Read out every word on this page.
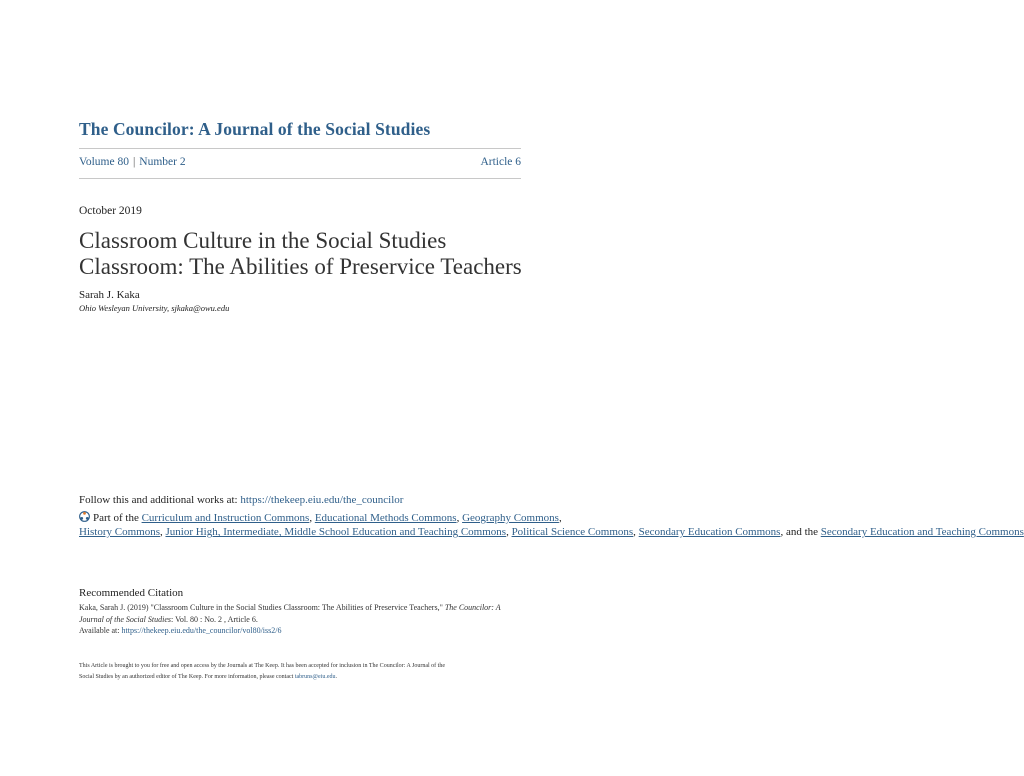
The Councilor: A Journal of the Social Studies
Volume 80 | Number 2	Article 6
October 2019
Classroom Culture in the Social Studies
Classroom: The Abilities of Preservice Teachers
Sarah J. Kaka
Ohio Wesleyan University, sjkaka@owu.edu
Follow this and additional works at: https://thekeep.eiu.edu/the_councilor
Part of the Curriculum and Instruction Commons, Educational Methods Commons, Geography Commons,
History Commons, Junior High, Intermediate, Middle School Education and Teaching Commons, Political Science Commons, Secondary Education Commons, and the Secondary Education and Teaching Commons
Recommended Citation
Kaka, Sarah J. (2019) "Classroom Culture in the Social Studies Classroom: The Abilities of Preservice Teachers," The Councilor: A
Journal of the Social Studies: Vol. 80 : No. 2 , Article 6.
Available at: https://thekeep.eiu.edu/the_councilor/vol80/iss2/6
This Article is brought to you for free and open access by the Journals at The Keep. It has been accepted for inclusion in The Councilor: A Journal of the
Social Studies by an authorized editor of The Keep. For more information, please contact tabruns@eiu.edu.
